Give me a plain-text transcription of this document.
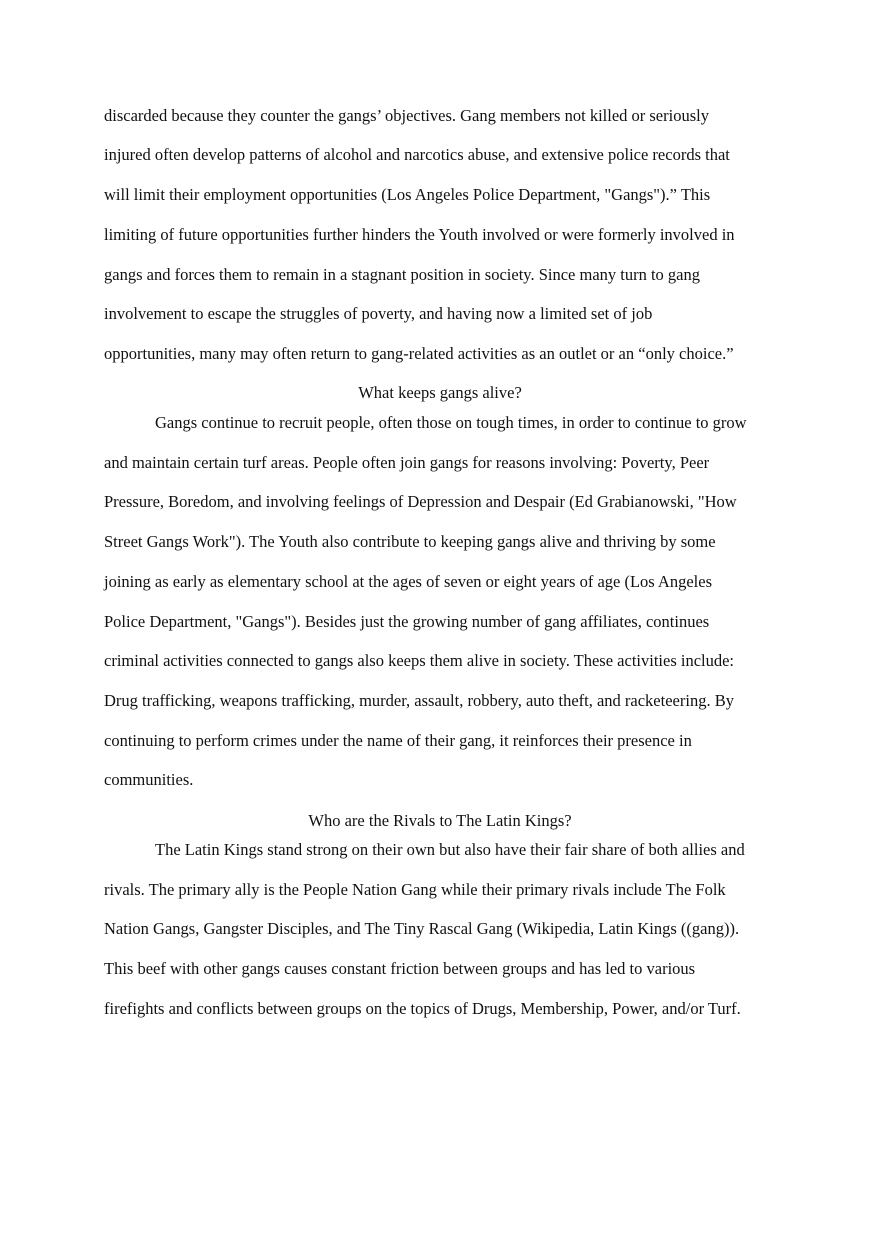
discarded because they counter the gangs’ objectives. Gang members not killed or seriously
injured often develop patterns of alcohol and narcotics abuse, and extensive police records that
will limit their employment opportunities (Los Angeles Police Department, "Gangs").” This
limiting of future opportunities further hinders the Youth involved or were formerly involved in
gangs and forces them to remain in a stagnant position in society. Since many turn to gang
involvement to escape the struggles of poverty, and having now a limited set of job
opportunities, many may often return to gang-related activities as an outlet or an “only choice.”
What keeps gangs alive?
Gangs continue to recruit people, often those on tough times, in order to continue to grow
and maintain certain turf areas. People often join gangs for reasons involving: Poverty, Peer
Pressure, Boredom, and involving feelings of Depression and Despair (Ed Grabianowski, "How
Street Gangs Work"). The Youth also contribute to keeping gangs alive and thriving by some
joining as early as elementary school at the ages of seven or eight years of age (Los Angeles
Police Department, "Gangs"). Besides just the growing number of gang affiliates, continues
criminal activities connected to gangs also keeps them alive in society. These activities include:
Drug trafficking, weapons trafficking, murder, assault, robbery, auto theft, and racketeering. By
continuing to perform crimes under the name of their gang, it reinforces their presence in
communities.
Who are the Rivals to The Latin Kings?
The Latin Kings stand strong on their own but also have their fair share of both allies and
rivals. The primary ally is the People Nation Gang while their primary rivals include The Folk
Nation Gangs, Gangster Disciples, and The Tiny Rascal Gang (Wikipedia, Latin Kings ((gang)).
This beef with other gangs causes constant friction between groups and has led to various
firefights and conflicts between groups on the topics of Drugs, Membership, Power, and/or Turf.
